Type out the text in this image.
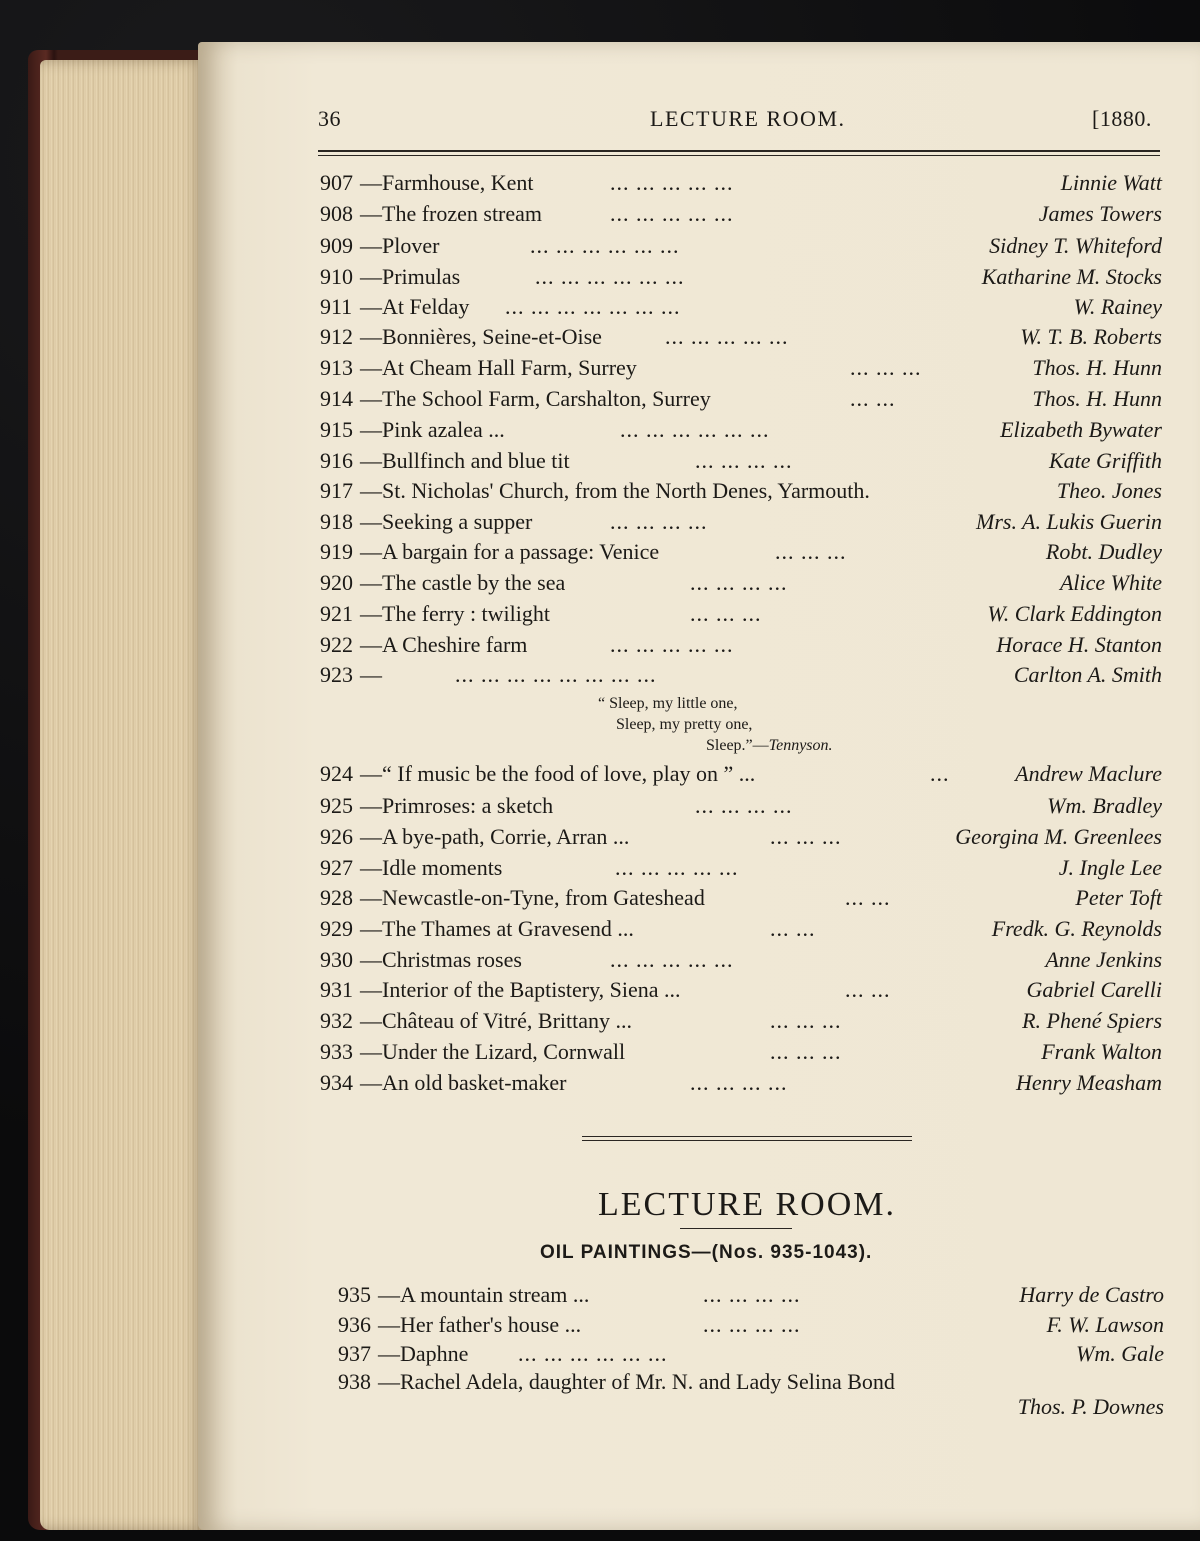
36	LECTURE ROOM.	[1880.
907 —Farmhouse, Kent	... ... ... ... ...	Linnie Watt
908 —The frozen stream	... ... ... ... ...	James Towers
909 —Plover	... ... ... ... ... ...	Sidney T. Whiteford
910 —Primulas	... ... ... ... ... ...	Katharine M. Stocks
911 —At Felday ... ... ... ... ... ... ...	W. Rainey
912 —Bonnières, Seine-et-Oise	... ... ... ... ...	W. T. B. Roberts
913 —At Cheam Hall Farm, Surrey	... ... ...	Thos. H. Hunn
914 —The School Farm, Carshalton, Surrey	... ...	Thos. H. Hunn
915 —Pink azalea ...	... ... ... ... ... ...	Elizabeth Bywater
916 —Bullfinch and blue tit	... ... ... ...	Kate Griffith
917 —St. Nicholas' Church, from the North Denes, Yarmouth.	Theo. Jones
918 —Seeking a supper	... ... ... ...	Mrs. A. Lukis Guerin
919 —A bargain for a passage: Venice	... ... ...	Robt. Dudley
920 —The castle by the sea	... ... ... ...	Alice White
921 —The ferry : twilight	... ... ...	W. Clark Eddington
922 —A Cheshire farm	... ... ... ... ...	Horace H. Stanton
923 —	... ... ... ... ... ... ... ...	Carlton A. Smith
“ Sleep, my little one,
Sleep, my pretty one,
Sleep.”—Tennyson.
924 —“ If music be the food of love, play on ” ...	...	Andrew Maclure
925 —Primroses: a sketch	... ... ... ...	Wm. Bradley
926 —A bye-path, Corrie, Arran ...	... ... ...	Georgina M. Greenlees
927 —Idle moments	... ... ... ... ...	J. Ingle Lee
928 —Newcastle-on-Tyne, from Gateshead	... ...	Peter Toft
929 —The Thames at Gravesend ...	... ...	Fredk. G. Reynolds
930 —Christmas roses	... ... ... ... ...	Anne Jenkins
931 —Interior of the Baptistery, Siena ...	... ...	Gabriel Carelli
932 —Château of Vitré, Brittany ...	... ... ...	R. Phené Spiers
933 —Under the Lizard, Cornwall	... ... ...	Frank Walton
934 —An old basket-maker	... ... ... ...	Henry Measham
LECTURE ROOM.
OIL PAINTINGS—(Nos. 935-1043).
935 —A mountain stream ...	... ... ... ...	Harry de Castro
936 —Her father's house ...	... ... ... ...	F. W. Lawson
937 —Daphne ... ... ... ... ... ...	Wm. Gale
938 —Rachel Adela, daughter of Mr. N. and Lady Selina Bond
Thos. P. Downes
